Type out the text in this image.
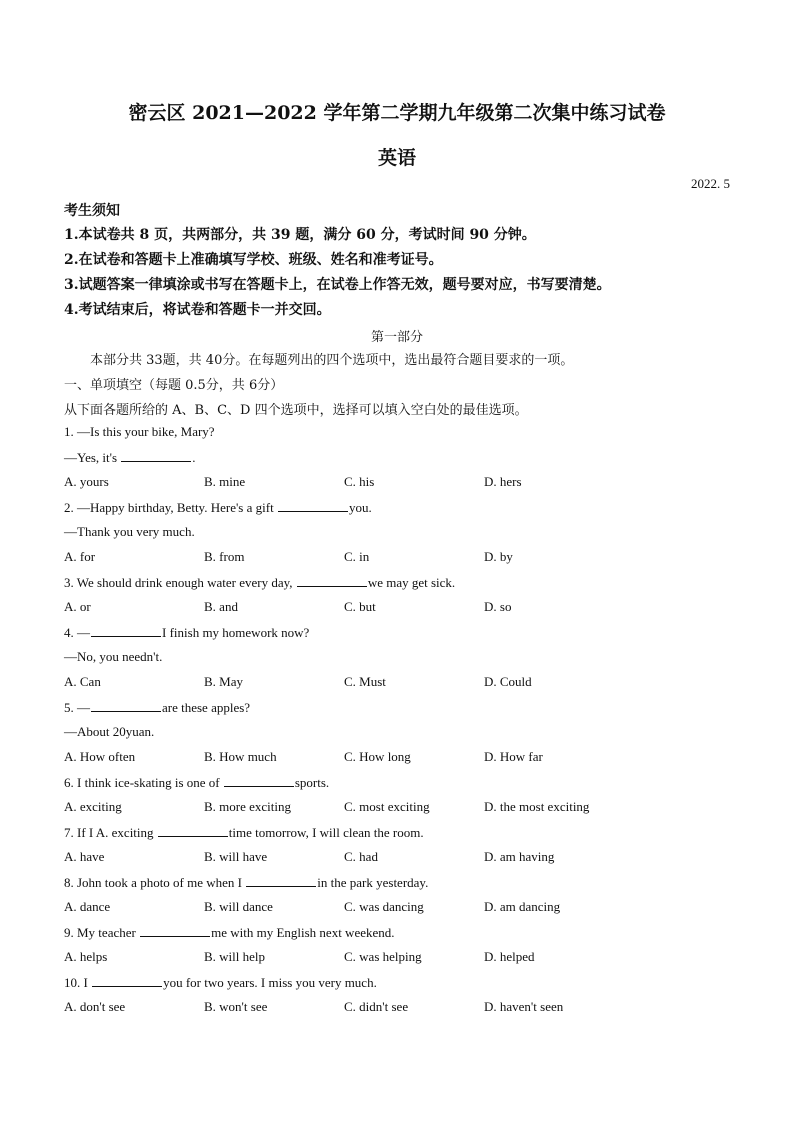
密云区 2021—2022 学年第二学期九年级第二次集中练习试卷
英语
2022. 5
考生须知
1.本试卷共 8 页，共两部分，共 39 题，满分 60 分，考试时间 90 分钟。
2.在试卷和答题卡上准确填写学校、班级、姓名和准考证号。
3.试题答案一律填涂或书写在答题卡上，在试卷上作答无效，题号要对应，书写要清楚。
4.考试结束后，将试卷和答题卡一并交回。
第一部分
本部分共 33题，共 40分。在每题列出的四个选项中，选出最符合题目要求的一项。
一、单项填空（每题 0.5分，共 6分）
从下面各题所给的 A、B、C、D 四个选项中，选择可以填入空白处的最佳选项。
1. —Is this your bike, Mary?
—Yes, it's	.
A. yours	B. mine	C. his	D. hers
2. —Happy birthday, Betty. Here's a gift	you.
—Thank you very much.
A. for	B. from	C. in	D. by
3. We should drink enough water every day,	we may get sick.
A. or	B. and	C. but	D. so
4. —	I finish my homework now?
—No, you needn't.
A. Can	B. May	C. Must	D. Could
5. —	are these apples?
—About 20yuan.
A. How often	B. How much	C. How long	D. How far
6. I think ice-skating is one of	sports.
A. exciting	B. more exciting	C. most exciting	D. the most exciting
7. If I A. exciting	time tomorrow, I will clean the room.
A. have	B. will have	C. had	D. am having
8. John took a photo of me when I	in the park yesterday.
A. dance	B. will dance	C. was dancing	D. am dancing
9. My teacher	me with my English next weekend.
A. helps	B. will help	C. was helping	D. helped
10. I	you for two years. I miss you very much.
A. don't see	B. won't see	C. didn't see	D. haven't seen
